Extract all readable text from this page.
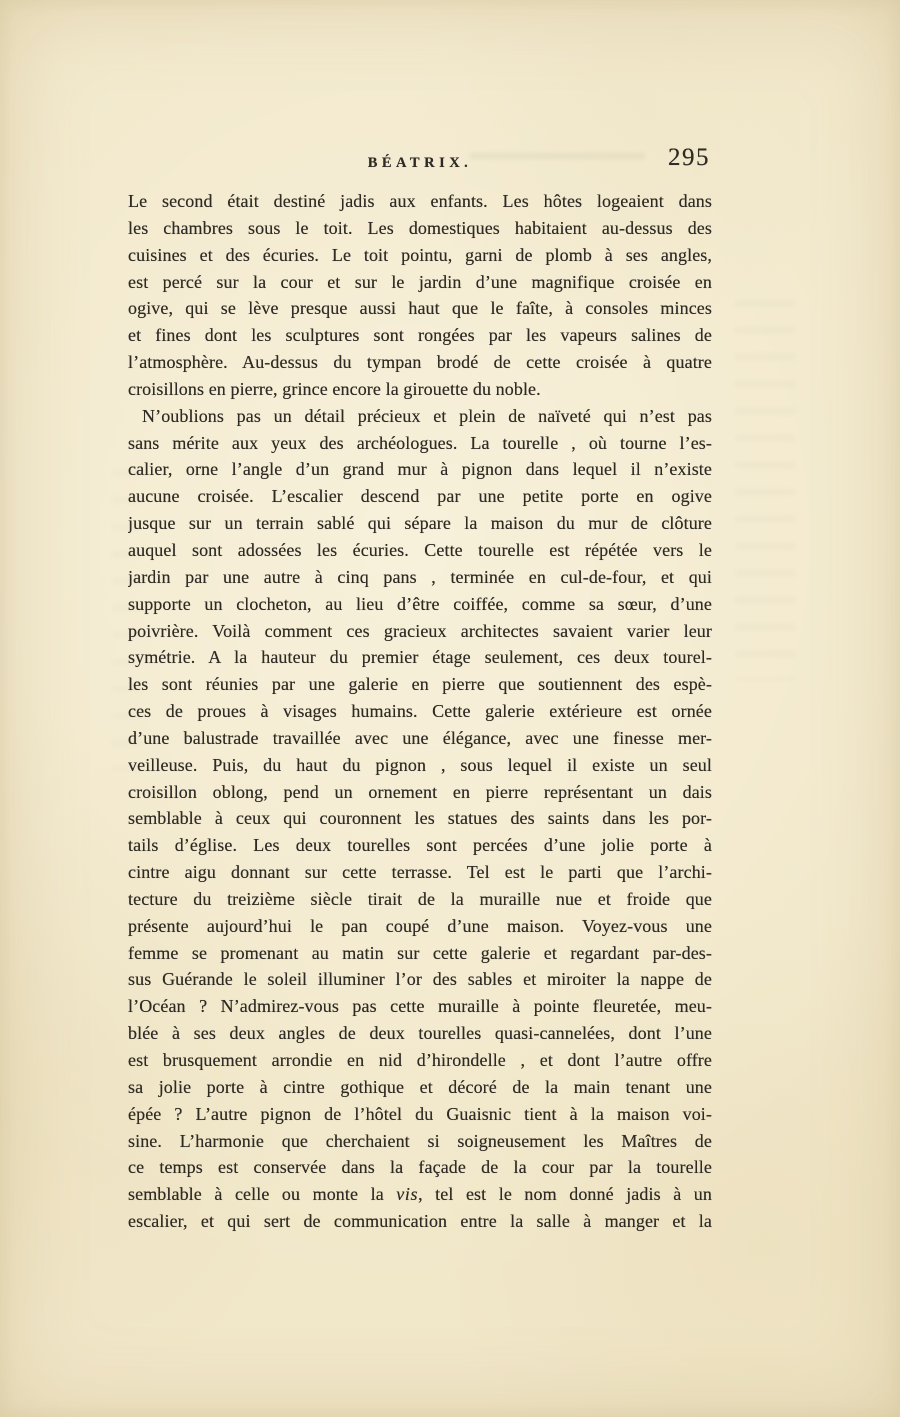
BÉATRIX.	295
Le second était destiné jadis aux enfants. Les hôtes logeaient dans
les chambres sous le toit. Les domestiques habitaient au-dessus des
cuisines et des écuries. Le toit pointu, garni de plomb à ses angles,
est percé sur la cour et sur le jardin d’une magnifique croisée en
ogive, qui se lève presque aussi haut que le faîte, à consoles minces
et fines dont les sculptures sont rongées par les vapeurs salines de
l’atmosphère. Au-dessus du tympan brodé de cette croisée à quatre
croisillons en pierre, grince encore la girouette du noble.
N’oublions pas un détail précieux et plein de naïveté qui n’est pas
sans mérite aux yeux des archéologues. La tourelle , où tourne l’es-
calier, orne l’angle d’un grand mur à pignon dans lequel il n’existe
aucune croisée. L’escalier descend par une petite porte en ogive
jusque sur un terrain sablé qui sépare la maison du mur de clôture
auquel sont adossées les écuries. Cette tourelle est répétée vers le
jardin par une autre à cinq pans , terminée en cul-de-four, et qui
supporte un clocheton, au lieu d’être coiffée, comme sa sœur, d’une
poivrière. Voilà comment ces gracieux architectes savaient varier leur
symétrie. A la hauteur du premier étage seulement, ces deux tourel-
les sont réunies par une galerie en pierre que soutiennent des espè-
ces de proues à visages humains. Cette galerie extérieure est ornée
d’une balustrade travaillée avec une élégance, avec une finesse mer-
veilleuse. Puis, du haut du pignon , sous lequel il existe un seul
croisillon oblong, pend un ornement en pierre représentant un dais
semblable à ceux qui couronnent les statues des saints dans les por-
tails d’église. Les deux tourelles sont percées d’une jolie porte à
cintre aigu donnant sur cette terrasse. Tel est le parti que l’archi-
tecture du treizième siècle tirait de la muraille nue et froide que
présente aujourd’hui le pan coupé d’une maison. Voyez-vous une
femme se promenant au matin sur cette galerie et regardant par-des-
sus Guérande le soleil illuminer l’or des sables et miroiter la nappe de
l’Océan ? N’admirez-vous pas cette muraille à pointe fleuretée, meu-
blée à ses deux angles de deux tourelles quasi-cannelées, dont l’une
est brusquement arrondie en nid d’hirondelle , et dont l’autre offre
sa jolie porte à cintre gothique et décoré de la main tenant une
épée ? L’autre pignon de l’hôtel du Guaisnic tient à la maison voi-
sine. L’harmonie que cherchaient si soigneusement les Maîtres de
ce temps est conservée dans la façade de la cour par la tourelle
semblable à celle ou monte la vis, tel est le nom donné jadis à un
escalier, et qui sert de communication entre la salle à manger et la
